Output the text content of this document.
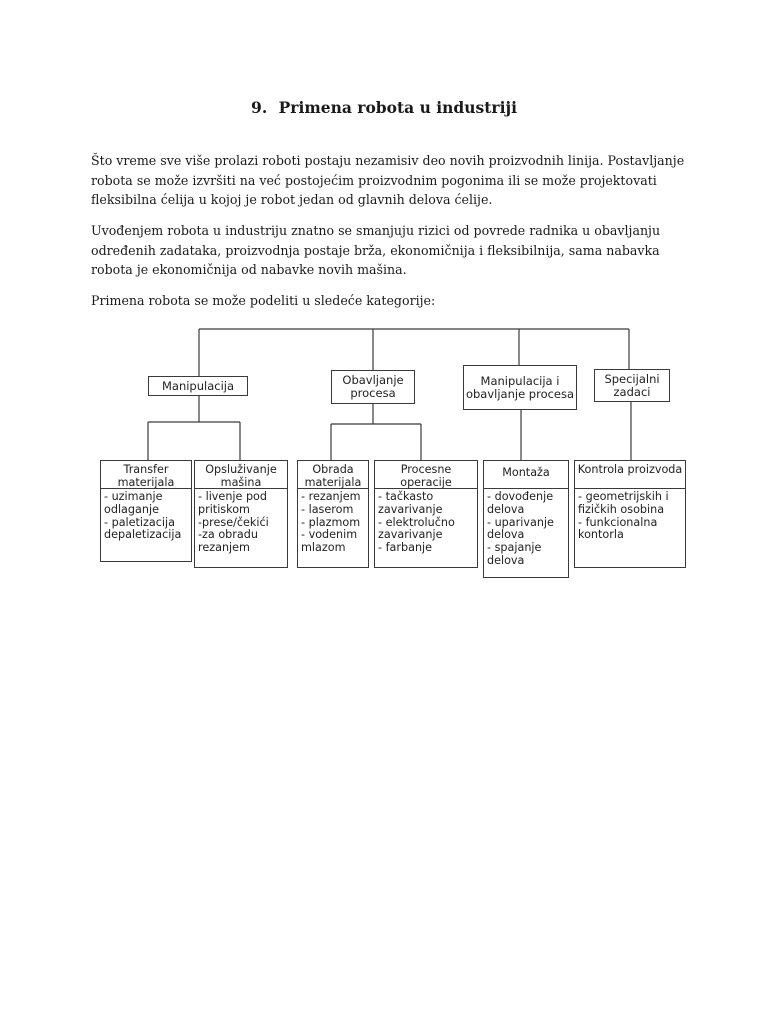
9. Primena robota u industriji

Što vreme sve više prolazi roboti postaju nezamisiv deo novih proizvodnih linija. Postavljanje robota se može izvršiti na već postojećim proizvodnim pogonima ili se može projektovati fleksibilna ćelija u kojoj je robot jedan od glavnih delova ćelije.

Uvođenjem robota u industriju znatno se smanjuju rizici od povrede radnika u obavljanju određenih zadataka, proizvodnja postaje brža, ekonomičnija i fleksibilnija, sama nabavka robota je ekonomičnija od nabavke novih mašina.

Primena robota se može podeliti u sledeće kategorije:

Manipulacija	Obavljanje procesa
Manipulacija i obavljanje procesa
Specijalni zadaci
Transfer materijala
- uzimanje
odlaganje
- paletizacija
depaletizacija
Opsluživanje mašina
- livenje pod
pritiskom
-prese/čekići
-za obradu
rezanjem
Obrada materijala
- rezanjem
- laserom
- plazmom
- vodenim
mlazom
Procesne operacije
- tačkasto
zavarivanje
- elektrolučno
zavarivanje
- farbanje
Montaža
- dovođenje
delova
- uparivanje
delova
- spajanje
delova
Kontrola proizvoda
- geometrijskih i
fizičkih osobina
- funkcionalna
kontorla
